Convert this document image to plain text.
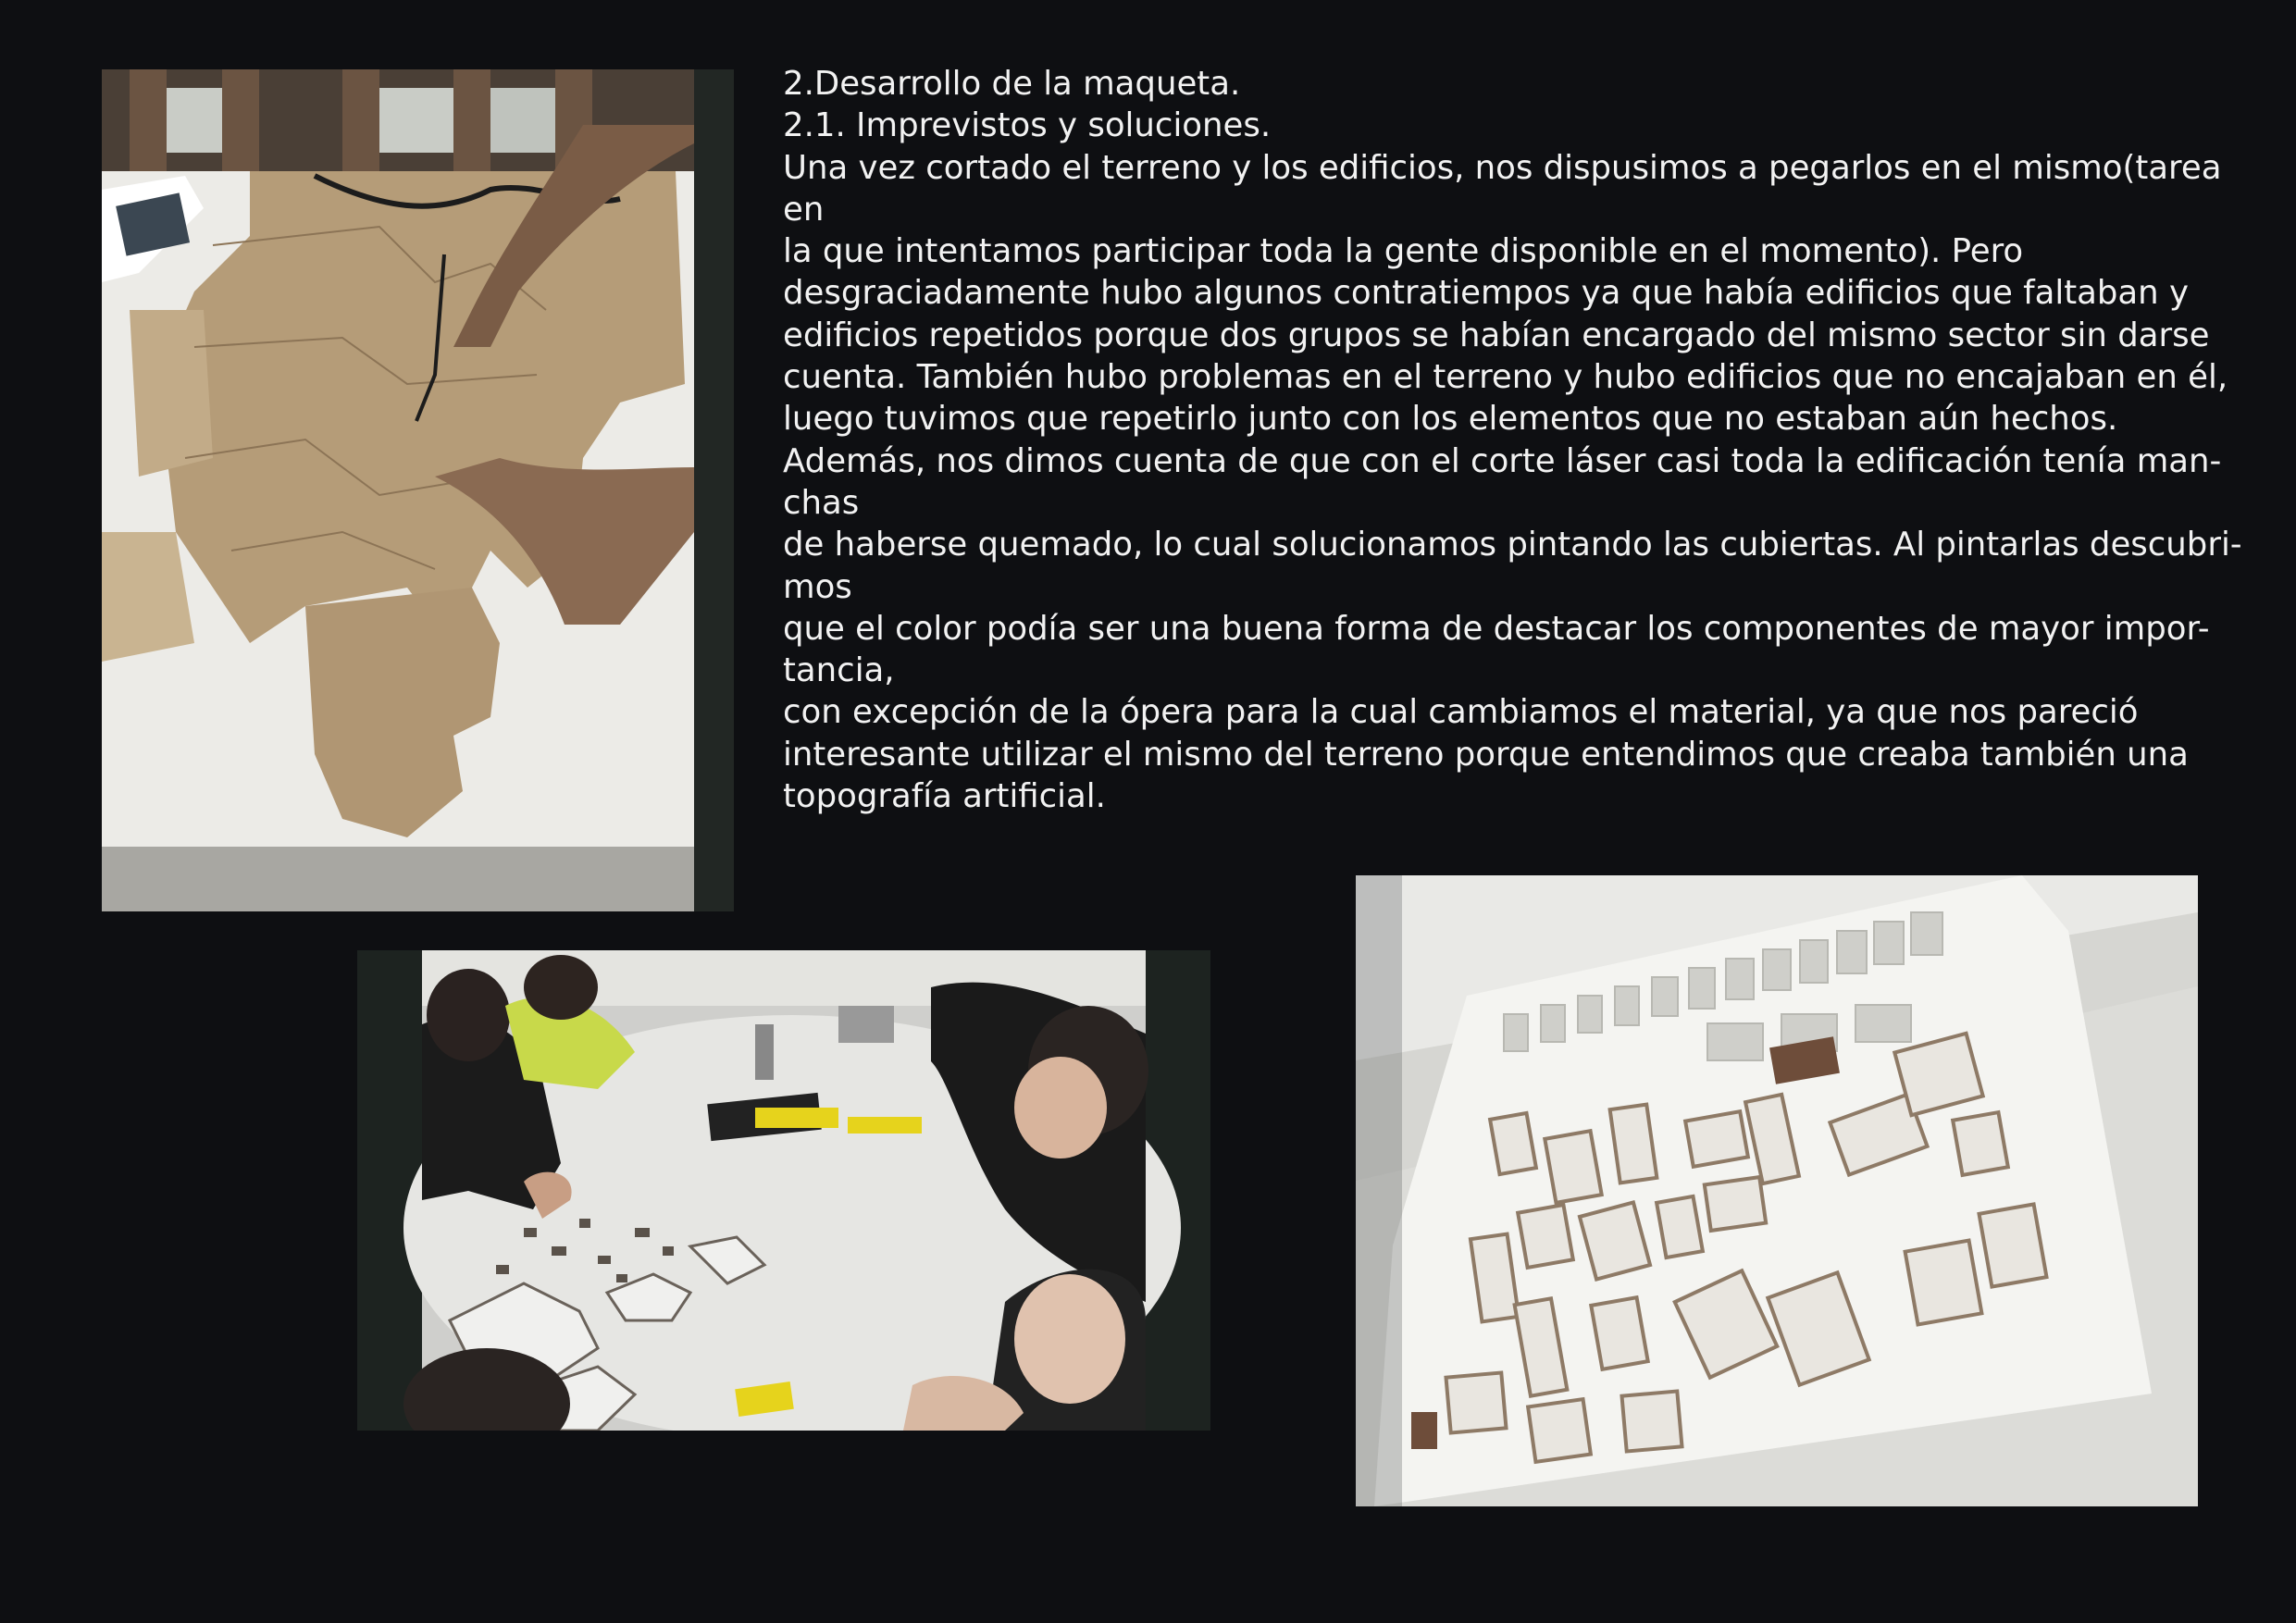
2.Desarrollo de la maqueta.
2.1. Imprevistos y soluciones.
Una vez cortado el terreno y los edificios, nos dispusimos a pegarlos en el mismo(tarea
en
la que intentamos participar toda la gente disponible en el momento). Pero
desgraciadamente hubo algunos contratiempos ya que había edificios que faltaban y
edificios repetidos porque dos grupos se habían encargado del mismo sector sin darse
cuenta. También hubo problemas en el terreno y hubo edificios que no encajaban en él,
luego tuvimos que repetirlo junto con los elementos que no estaban aún hechos.
Además, nos dimos cuenta de que con el corte láser casi toda la edificación tenía man-
chas
de haberse quemado, lo cual solucionamos pintando las cubiertas. Al pintarlas descubri-
mos
que el color podía ser una buena forma de destacar los componentes de mayor impor-
tancia,
con excepción de la ópera para la cual cambiamos el material, ya que nos pareció
interesante utilizar el mismo del terreno porque entendimos que creaba también una
topografía artificial.
